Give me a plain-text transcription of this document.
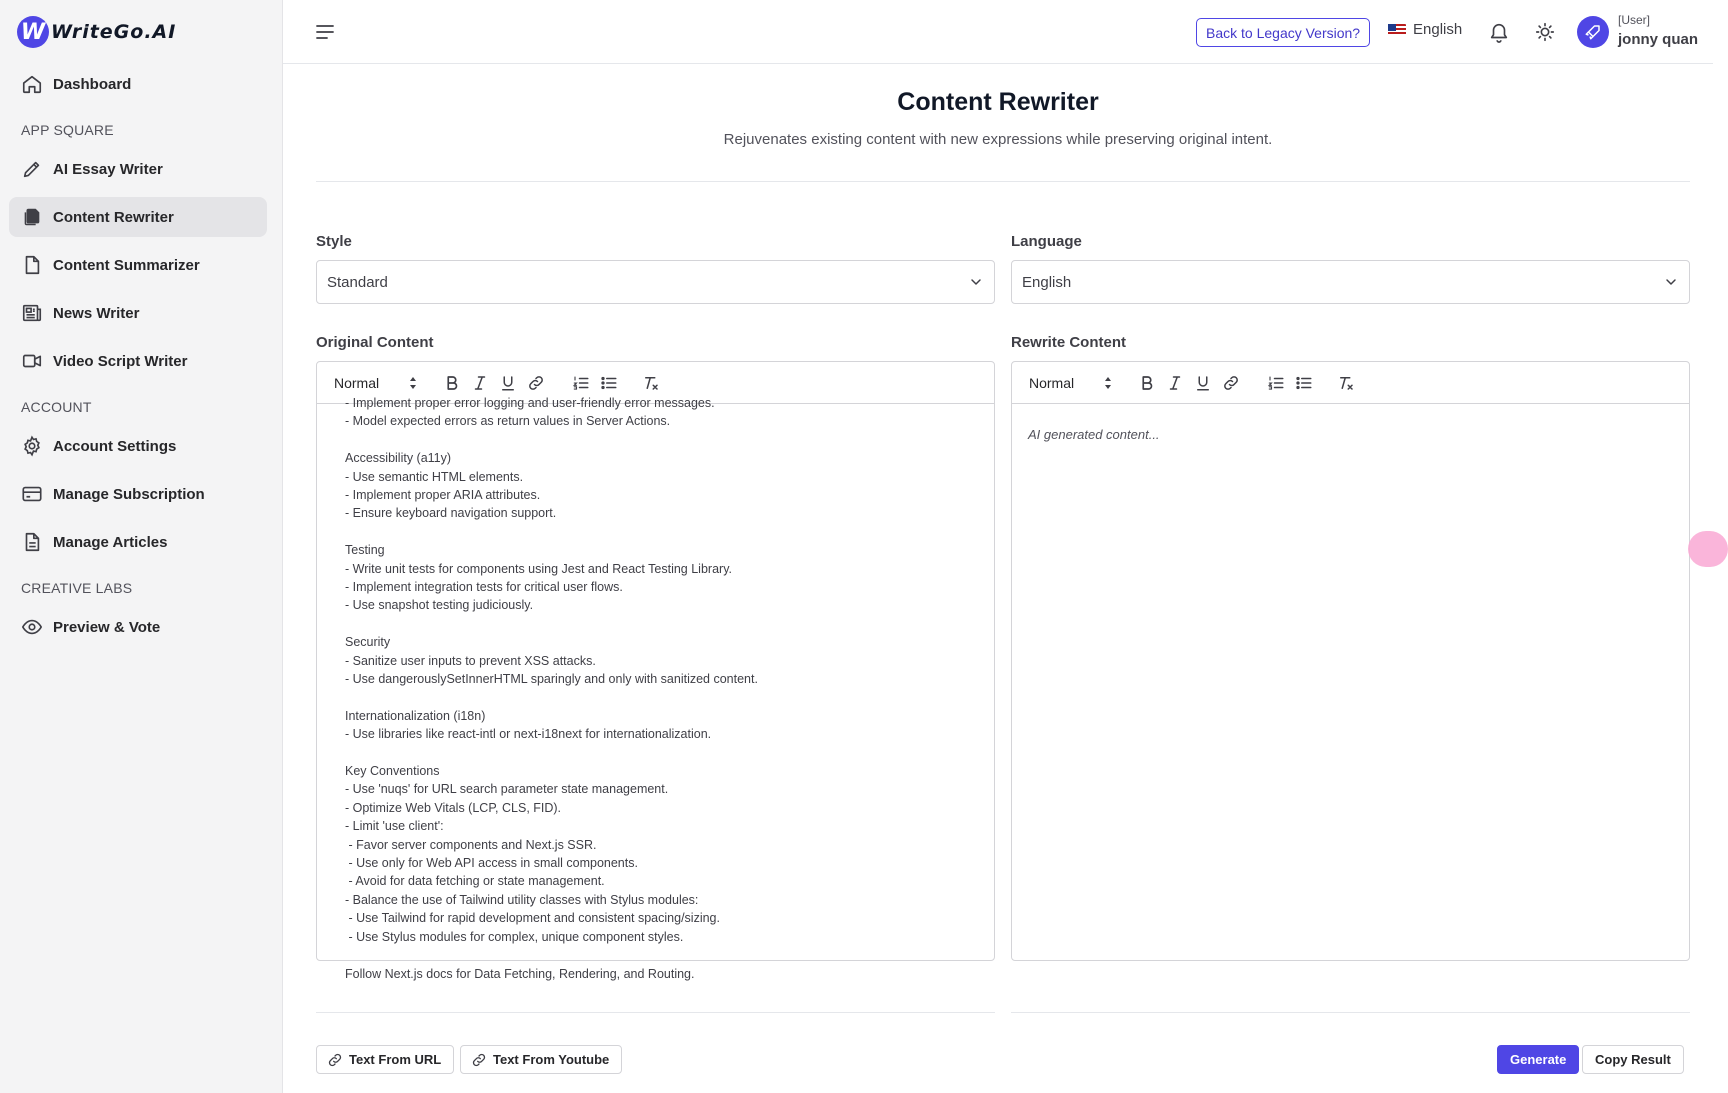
W WriteGo.AI
Dashboard
APP SQUARE
AI Essay Writer
Content Rewriter
Content Summarizer
News Writer
Video Script Writer
ACCOUNT
Account Settings
Manage Subscription
Manage Articles
CREATIVE LABS
Preview & Vote
Back to Legacy Version?	English
[User]
jonny quan
Content Rewriter
Rejuvenates existing content with new expressions while preserving original intent.
Style
Standard
Language
English
Original Content	Rewrite Content
Normal
- Implement proper error logging and user-friendly error messages.
- Model expected errors as return values in Server Actions.
Accessibility (a11y)
- Use semantic HTML elements.
- Implement proper ARIA attributes.
- Ensure keyboard navigation support.
Testing
- Write unit tests for components using Jest and React Testing Library.
- Implement integration tests for critical user flows.
- Use snapshot testing judiciously.
Security
- Sanitize user inputs to prevent XSS attacks.
- Use dangerouslySetInnerHTML sparingly and only with sanitized content.
Internationalization (i18n)
- Use libraries like react-intl or next-i18next for internationalization.
Key Conventions
- Use 'nuqs' for URL search parameter state management.
- Optimize Web Vitals (LCP, CLS, FID).
- Limit 'use client':
- Favor server components and Next.js SSR.
- Use only for Web API access in small components.
- Avoid for data fetching or state management.
- Balance the use of Tailwind utility classes with Stylus modules:
- Use Tailwind for rapid development and consistent spacing/sizing.
- Use Stylus modules for complex, unique component styles.
Follow Next.js docs for Data Fetching, Rendering, and Routing.
Normal
AI generated content...
Text From URL	Text From Youtube	Generate	Copy Result
